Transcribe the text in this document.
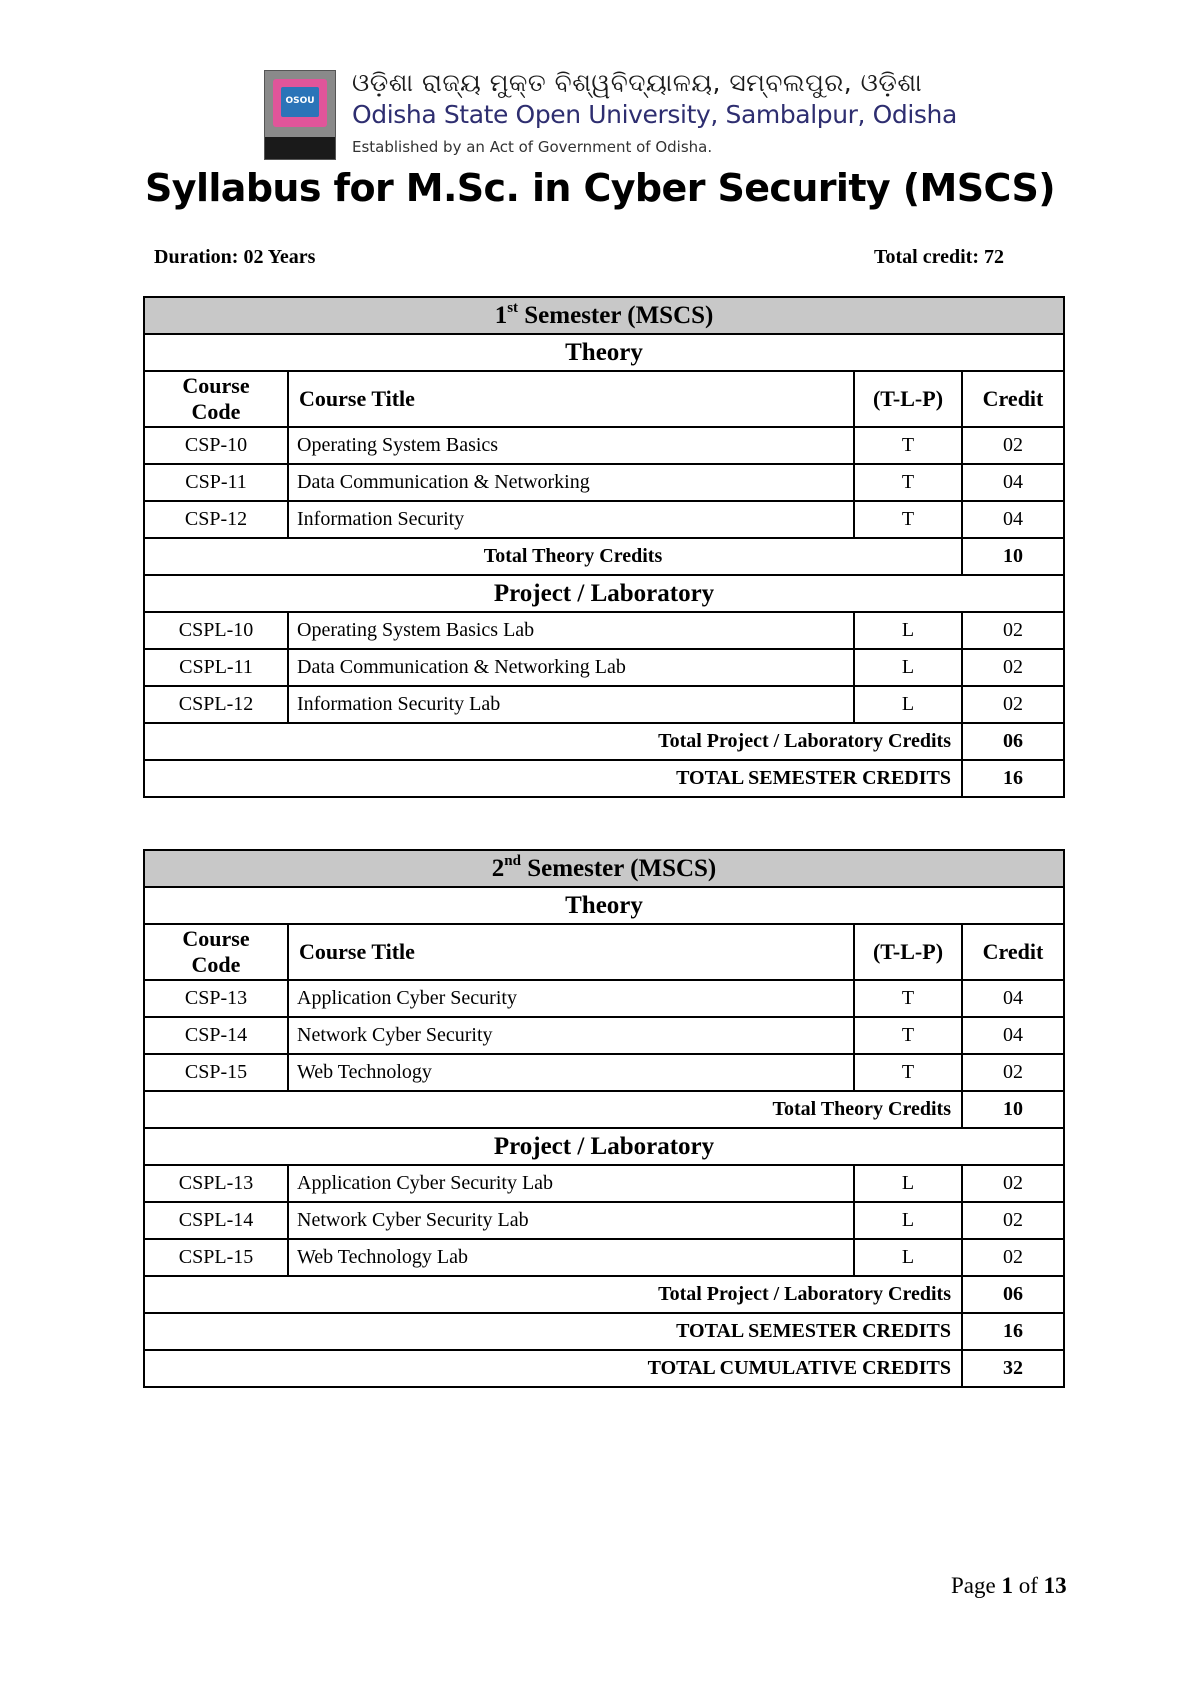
OSOU
ଓଡ଼ିଶା ରାଜ୍ୟ ମୁକ୍ତ ବିଶ୍ୱବିଦ୍ୟାଳୟ, ସମ୍ବଲପୁର, ଓଡ଼ିଶା
Odisha State Open University, Sambalpur, Odisha
Established by an Act of Government of Odisha.
Syllabus for M.Sc. in Cyber Security (MSCS)
Duration: 02 Years	Total credit: 72
1st Semester (MSCS)			
Theory			
Course
Code	Course Title	(T-L-P)	Credit
CSP-10	Operating System Basics	T	02
CSP-11	Data Communication & Networking	T	04
CSP-12	Information Security	T	04
Total Theory Credits			10
Project / Laboratory			
CSPL-10	Operating System Basics Lab	L	02
CSPL-11	Data Communication & Networking Lab	L	02
CSPL-12	Information Security Lab	L	02
Total Project / Laboratory Credits			06
TOTAL SEMESTER CREDITS			16
2nd Semester (MSCS)			
Theory			
Course
Code	Course Title	(T-L-P)	Credit
CSP-13	Application Cyber Security	T	04
CSP-14	Network Cyber Security	T	04
CSP-15	Web Technology	T	02
Total Theory Credits			10
Project / Laboratory			
CSPL-13	Application Cyber Security Lab	L	02
CSPL-14	Network Cyber Security Lab	L	02
CSPL-15	Web Technology Lab	L	02
Total Project / Laboratory Credits			06
TOTAL SEMESTER CREDITS			16
TOTAL CUMULATIVE CREDITS			32
Page 1 of 13
